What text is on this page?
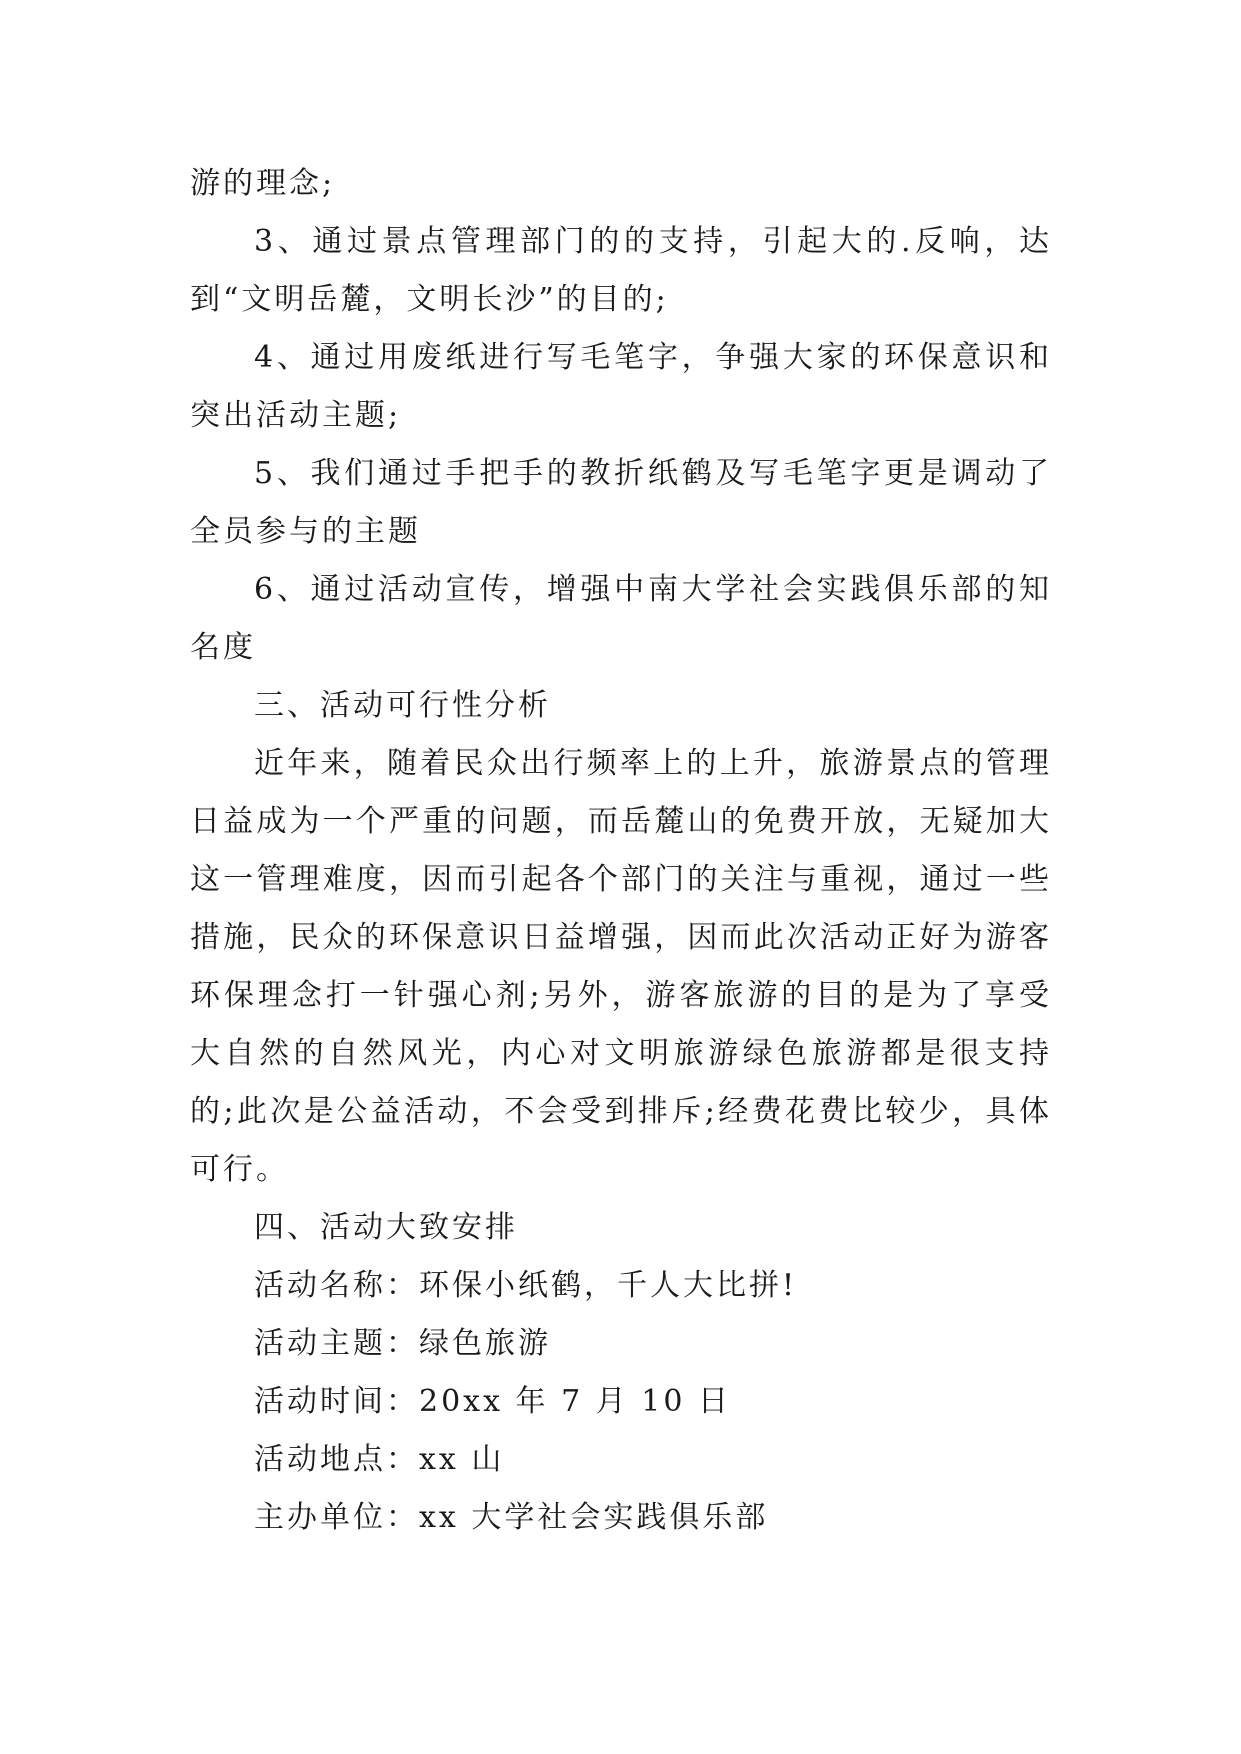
游的理念;

3、通过景点管理部门的的支持，引起大的.反响，达到“文明岳麓，文明长沙”的目的;

4、通过用废纸进行写毛笔字，争强大家的环保意识和突出活动主题;

5、我们通过手把手的教折纸鹤及写毛笔字更是调动了全员参与的主题

6、通过活动宣传，增强中南大学社会实践俱乐部的知名度

三、活动可行性分析

近年来，随着民众出行频率上的上升，旅游景点的管理日益成为一个严重的问题，而岳麓山的免费开放，无疑加大这一管理难度，因而引起各个部门的关注与重视，通过一些措施，民众的环保意识日益增强，因而此次活动正好为游客环保理念打一针强心剂;另外，游客旅游的目的是为了享受大自然的自然风光，内心对文明旅游绿色旅游都是很支持的;此次是公益活动，不会受到排斥;经费花费比较少，具体可行。

四、活动大致安排

活动名称：环保小纸鹤，千人大比拼!

活动主题：绿色旅游

活动时间：20xx 年 7 月 10 日

活动地点：xx 山

主办单位：xx 大学社会实践俱乐部
